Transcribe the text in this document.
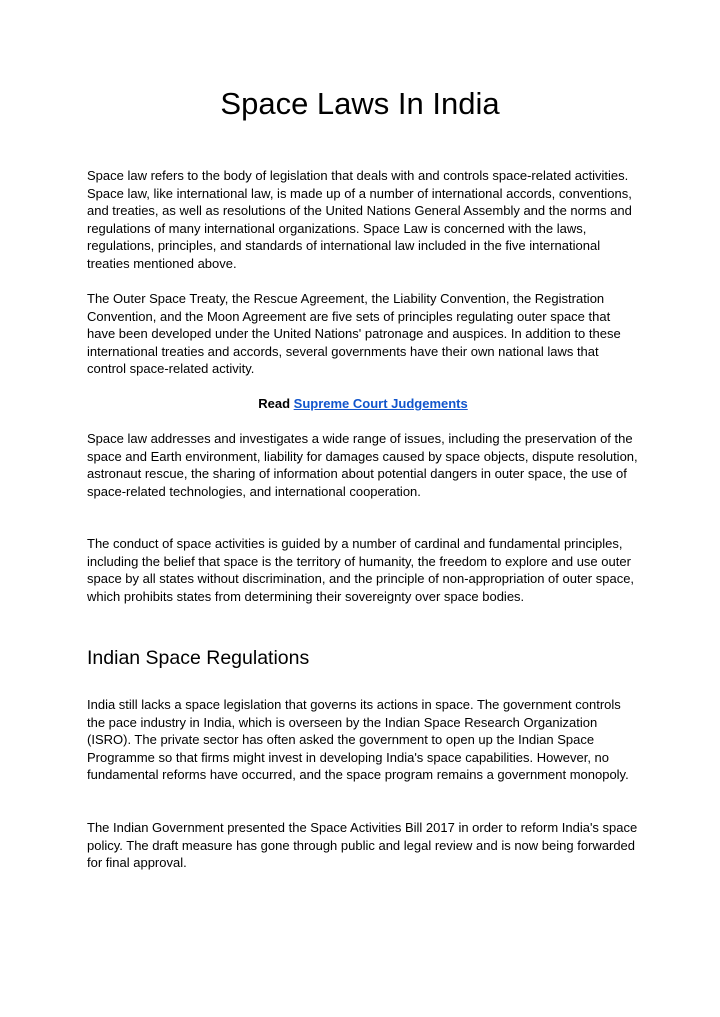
Space Laws In India

Space law refers to the body of legislation that deals with and controls space-related activities. Space law, like international law, is made up of a number of international accords, conventions, and treaties, as well as resolutions of the United Nations General Assembly and the norms and regulations of many international organizations. Space Law is concerned with the laws, regulations, principles, and standards of international law included in the five international treaties mentioned above.

The Outer Space Treaty, the Rescue Agreement, the Liability Convention, the Registration Convention, and the Moon Agreement are five sets of principles regulating outer space that have been developed under the United Nations' patronage and auspices. In addition to these international treaties and accords, several governments have their own national laws that control space-related activity.

Read Supreme Court Judgements

Space law addresses and investigates a wide range of issues, including the preservation of the space and Earth environment, liability for damages caused by space objects, dispute resolution, astronaut rescue, the sharing of information about potential dangers in outer space, the use of space-related technologies, and international cooperation.

The conduct of space activities is guided by a number of cardinal and fundamental principles, including the belief that space is the territory of humanity, the freedom to explore and use outer space by all states without discrimination, and the principle of non-appropriation of outer space, which prohibits states from determining their sovereignty over space bodies.

Indian Space Regulations

India still lacks a space legislation that governs its actions in space. The government controls the pace industry in India, which is overseen by the Indian Space Research Organization (ISRO). The private sector has often asked the government to open up the Indian Space Programme so that firms might invest in developing India's space capabilities. However, no fundamental reforms have occurred, and the space program remains a government monopoly.

The Indian Government presented the Space Activities Bill 2017 in order to reform India's space policy. The draft measure has gone through public and legal review and is now being forwarded for final approval.
